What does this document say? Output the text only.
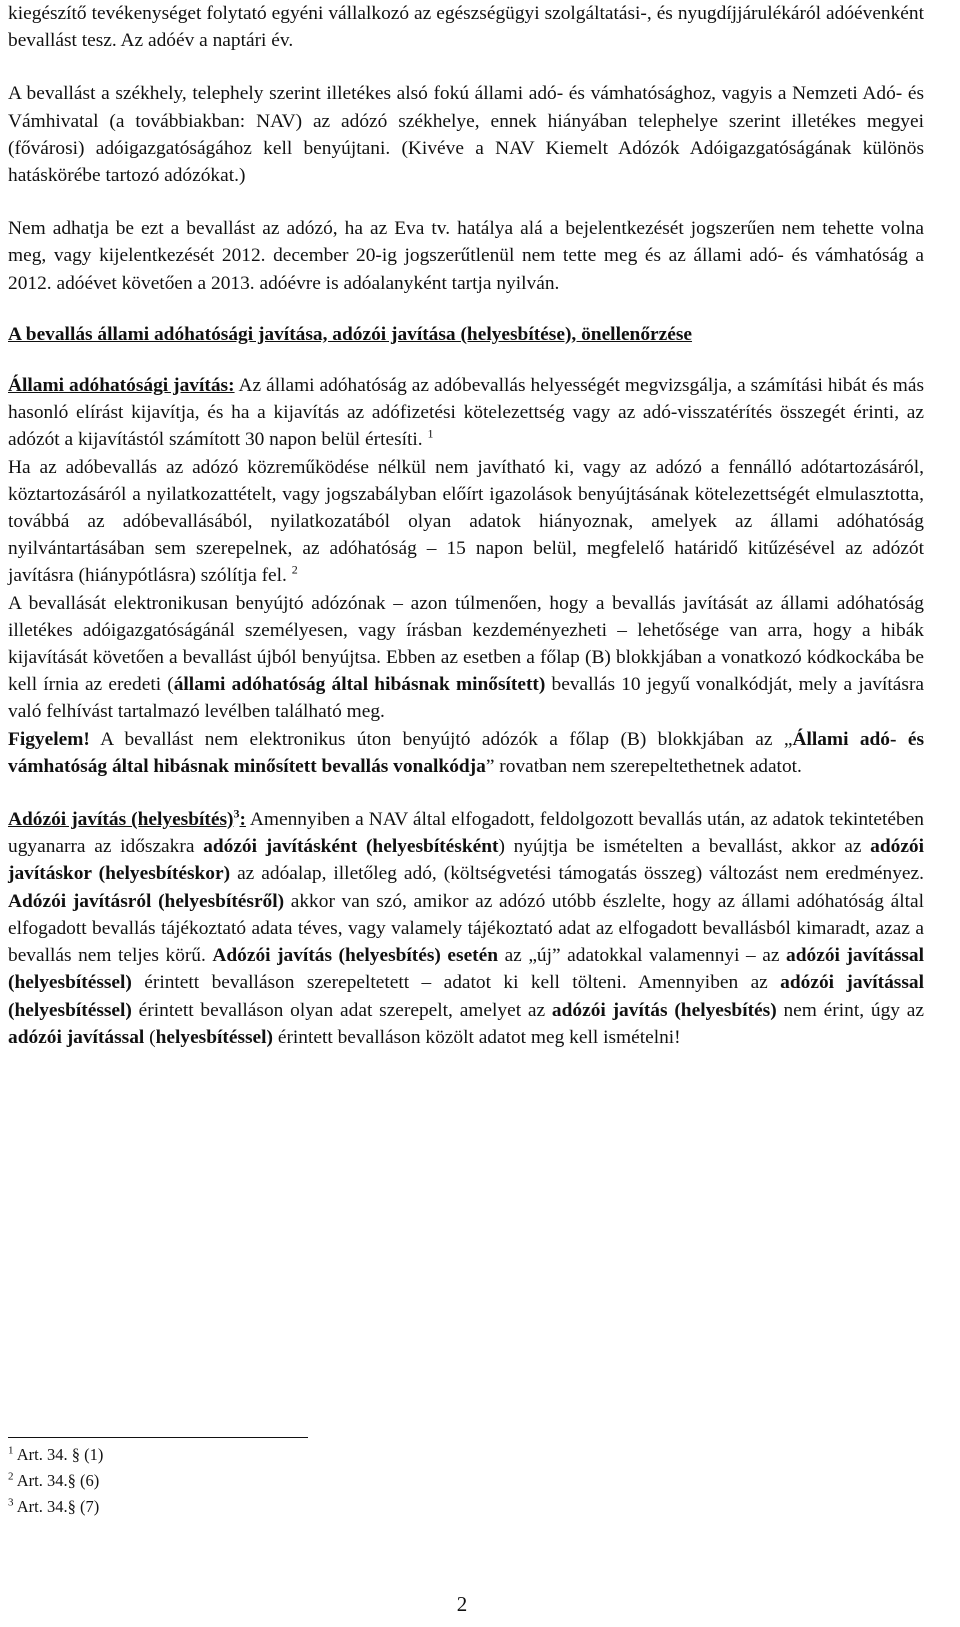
kiegészítő tevékenységet folytató egyéni vállalkozó az egészségügyi szolgáltatási-, és nyugdíjjárulékáról adóévenként bevallást tesz. Az adóév a naptári év.

A bevallást a székhely, telephely szerint illetékes alsó fokú állami adó- és vámhatósághoz, vagyis a Nemzeti Adó- és Vámhivatal (a továbbiakban: NAV) az adózó székhelye, ennek hiányában telephelye szerint illetékes megyei (fővárosi) adóigazgatóságához kell benyújtani. (Kivéve a NAV Kiemelt Adózók Adóigazgatóságának különös hatáskörébe tartozó adózókat.)

Nem adhatja be ezt a bevallást az adózó, ha az Eva tv. hatálya alá a bejelentkezését jogszerűen nem tehette volna meg, vagy kijelentkezését 2012. december 20-ig jogszerűtlenül nem tette meg és az állami adó- és vámhatóság a 2012. adóévet követően a 2013. adóévre is adóalanyként tartja nyilván.

A bevallás állami adóhatósági javítása, adózói javítása (helyesbítése), önellenőrzése

Állami adóhatósági javítás: Az állami adóhatóság az adóbevallás helyességét megvizsgálja, a számítási hibát és más hasonló elírást kijavítja, és ha a kijavítás az adófizetési kötelezettség vagy az adó-visszatérítés összegét érinti, az adózót a kijavítástól számított 30 napon belül értesíti. $^1$

Ha az adóbevallás az adózó közreműködése nélkül nem javítható ki, vagy az adózó a fennálló adótartozásáról, köztartozásáról a nyilatkozattételt, vagy jogszabályban előírt igazolások benyújtásának kötelezettségét elmulasztotta, továbbá az adóbevallásából, nyilatkozatából olyan adatok hiányoznak, amelyek az állami adóhatóság nyilvántartásában sem szerepelnek, az adóhatóság – 15 napon belül, megfelelő határidő kitűzésével az adózót javításra (hiánypótlásra) szólítja fel. $^2$

A bevallását elektronikusan benyújtó adózónak – azon túlmenően, hogy a bevallás javítását az állami adóhatóság illetékes adóigazgatóságánál személyesen, vagy írásban kezdeményezheti – lehetősége van arra, hogy a hibák kijavítását követően a bevallást újból benyújtsa. Ebben az esetben a főlap (B) blokkjában a vonatkozó kódkockába be kell írnia az eredeti (állami adóhatóság által hibásnak minősített) bevallás 10 jegyű vonalkódját, mely a javításra való felhívást tartalmazó levélben található meg.

Figyelem! A bevallást nem elektronikus úton benyújtó adózók a főlap (B) blokkjában az „Állami adó- és vámhatóság által hibásnak minősített bevallás vonalkódja” rovatban nem szerepeltethetnek adatot.

Adózói javítás (helyesbítés)$^3$: Amennyiben a NAV által elfogadott, feldolgozott bevallás után, az adatok tekintetében ugyanarra az időszakra adózói javításként (helyesbítésként) nyújtja be ismételten a bevallást, akkor az adózói javításkor (helyesbítéskor) az adóalap, illetőleg adó, (költségvetési támogatás összeg) változást nem eredményez. Adózói javításról (helyesbítésről) akkor van szó, amikor az adózó utóbb észlelte, hogy az állami adóhatóság által elfogadott bevallás tájékoztató adata téves, vagy valamely tájékoztató adat az elfogadott bevallásból kimaradt, azaz a bevallás nem teljes körű. Adózói javítás (helyesbítés) esetén az „új” adatokkal valamennyi – az adózói javítással (helyesbítéssel) érintett bevalláson szerepeltetett – adatot ki kell tölteni. Amennyiben az adózói javítással (helyesbítéssel) érintett bevalláson olyan adat szerepelt, amelyet az adózói javítás (helyesbítés) nem érint, úgy az adózói javítással (helyesbítéssel) érintett bevalláson közölt adatot meg kell ismételni!

$^1$ Art. 34. § (1)
$^2$ Art. 34.§ (6)
$^3$ Art. 34.§ (7)
2
